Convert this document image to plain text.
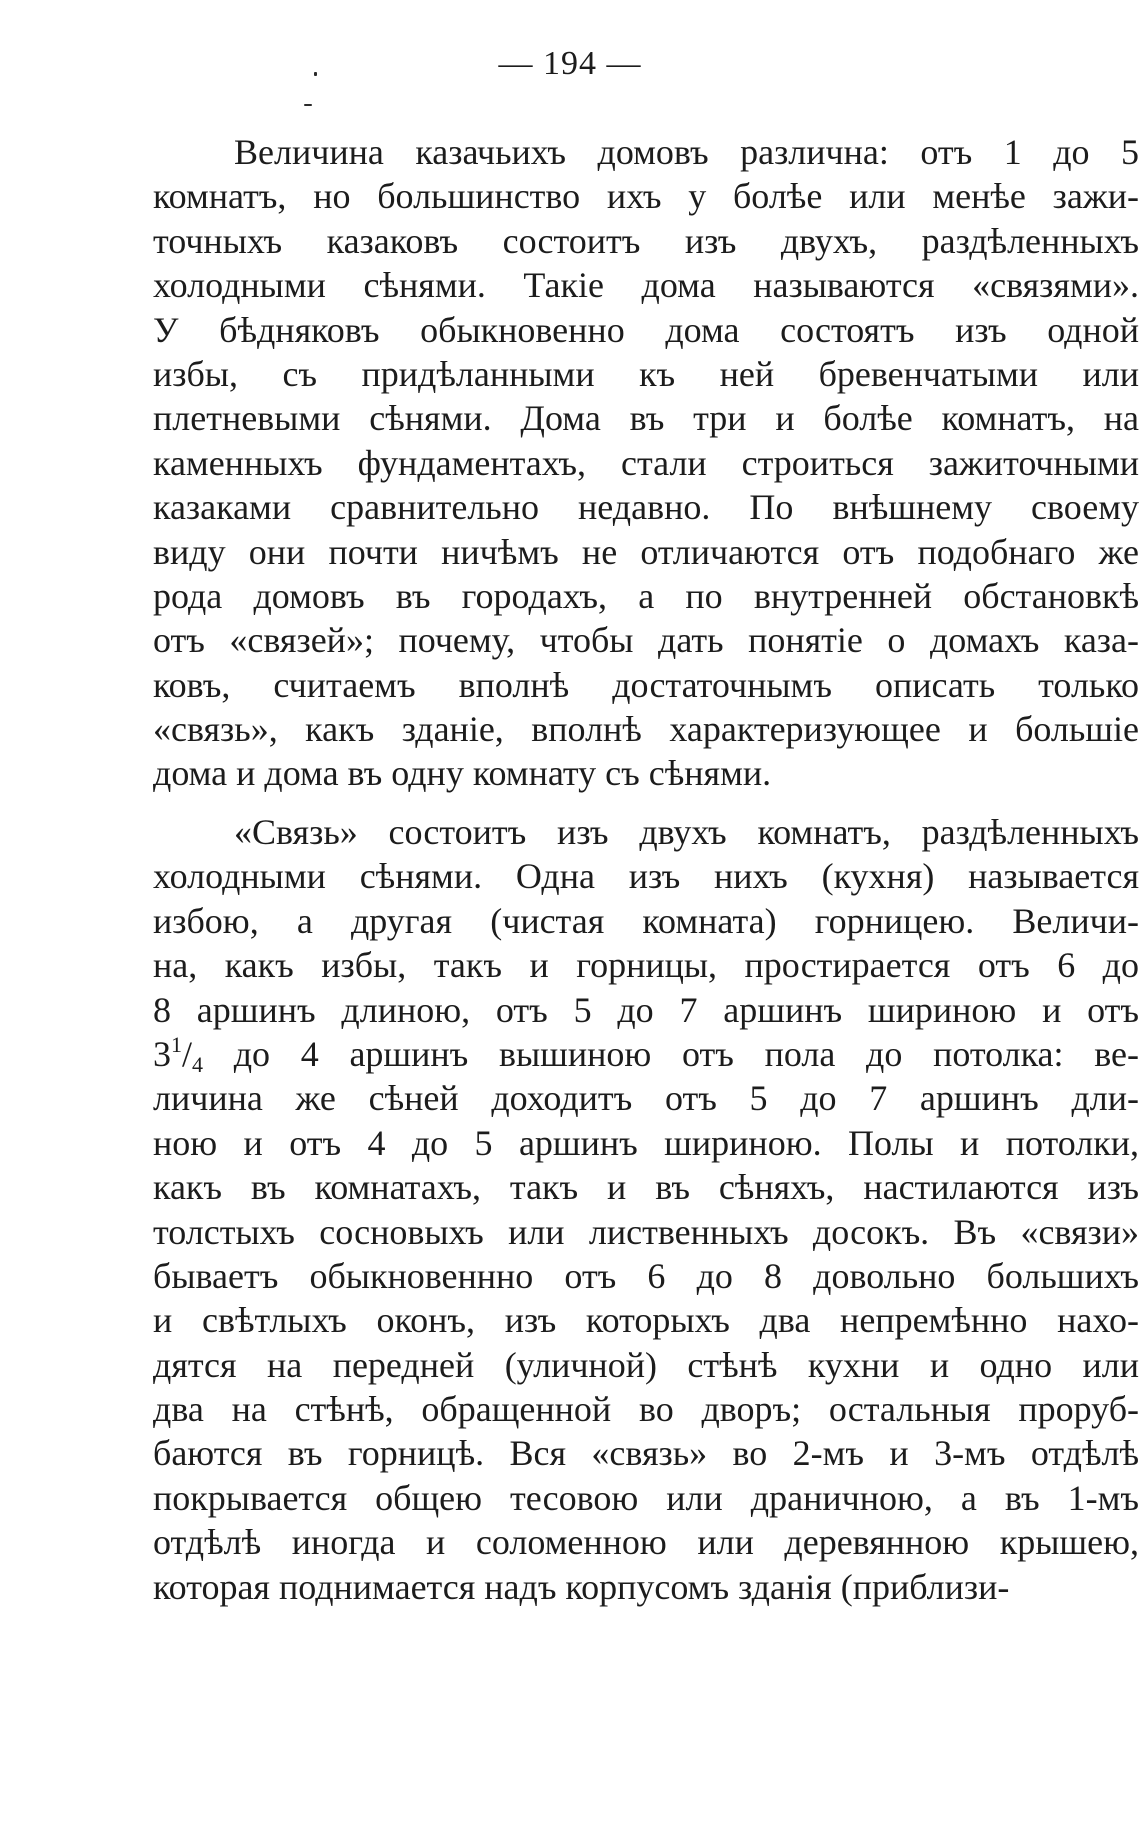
— 194 —
Величина казачьихъ домовъ различна: отъ 1 до 5
комнатъ, но большинство ихъ у болѣе или менѣе зажи-
точныхъ казаковъ состоитъ изъ двухъ, раздѣленныхъ
холодными сѣнями. Такiе дома называются «связями».
У бѣдняковъ обыкновенно дома состоятъ изъ одной
избы, съ придѣланными къ ней бревенчатыми или
плетневыми сѣнями. Дома въ три и болѣе комнатъ, на
каменныхъ фундаментахъ, стали строиться зажиточными
казаками сравнительно недавно. По внѣшнему своему
виду они почти ничѣмъ не отличаются отъ подобнаго же
рода домовъ въ городахъ, а по внутренней обстановкѣ
отъ «связей»; почему, чтобы дать понятiе о домахъ каза-
ковъ, считаемъ вполнѣ достаточнымъ описать только
«связь», какъ зданiе, вполнѣ характеризующее и большiе
дома и дома въ одну комнату съ сѣнями.
«Связь» состоитъ изъ двухъ комнатъ, раздѣленныхъ
холодными сѣнями. Одна изъ нихъ (кухня) называется
избою, а другая (чистая комната) горницею. Величи-
на, какъ избы, такъ и горницы, простирается отъ 6 до
8 аршинъ длиною, отъ 5 до 7 аршинъ шириною и отъ
$3^1/_4$ до 4 аршинъ вышиною отъ пола до потолка: ве-
личина же сѣней доходитъ отъ 5 до 7 аршинъ дли-
ною и отъ 4 до 5 аршинъ шириною. Полы и потолки,
какъ въ комнатахъ, такъ и въ сѣняхъ, настилаются изъ
толстыхъ сосновыхъ или лиственныхъ досокъ. Въ «связи»
бываетъ обыкновеннно отъ 6 до 8 довольно большихъ
и свѣтлыхъ оконъ, изъ которыхъ два непремѣнно нахо-
дятся на передней (уличной) стѣнѣ кухни и одно или
два на стѣнѣ, обращенной во дворъ; остальныя проруб-
баются въ горницѣ. Вся «связь» во 2-мъ и 3-мъ отдѣлѣ
покрывается общею тесовою или драничною, а въ 1-мъ
отдѣлѣ иногда и соломенною или деревянною крышею,
которая поднимается надъ корпусомъ зданiя (приблизи-
